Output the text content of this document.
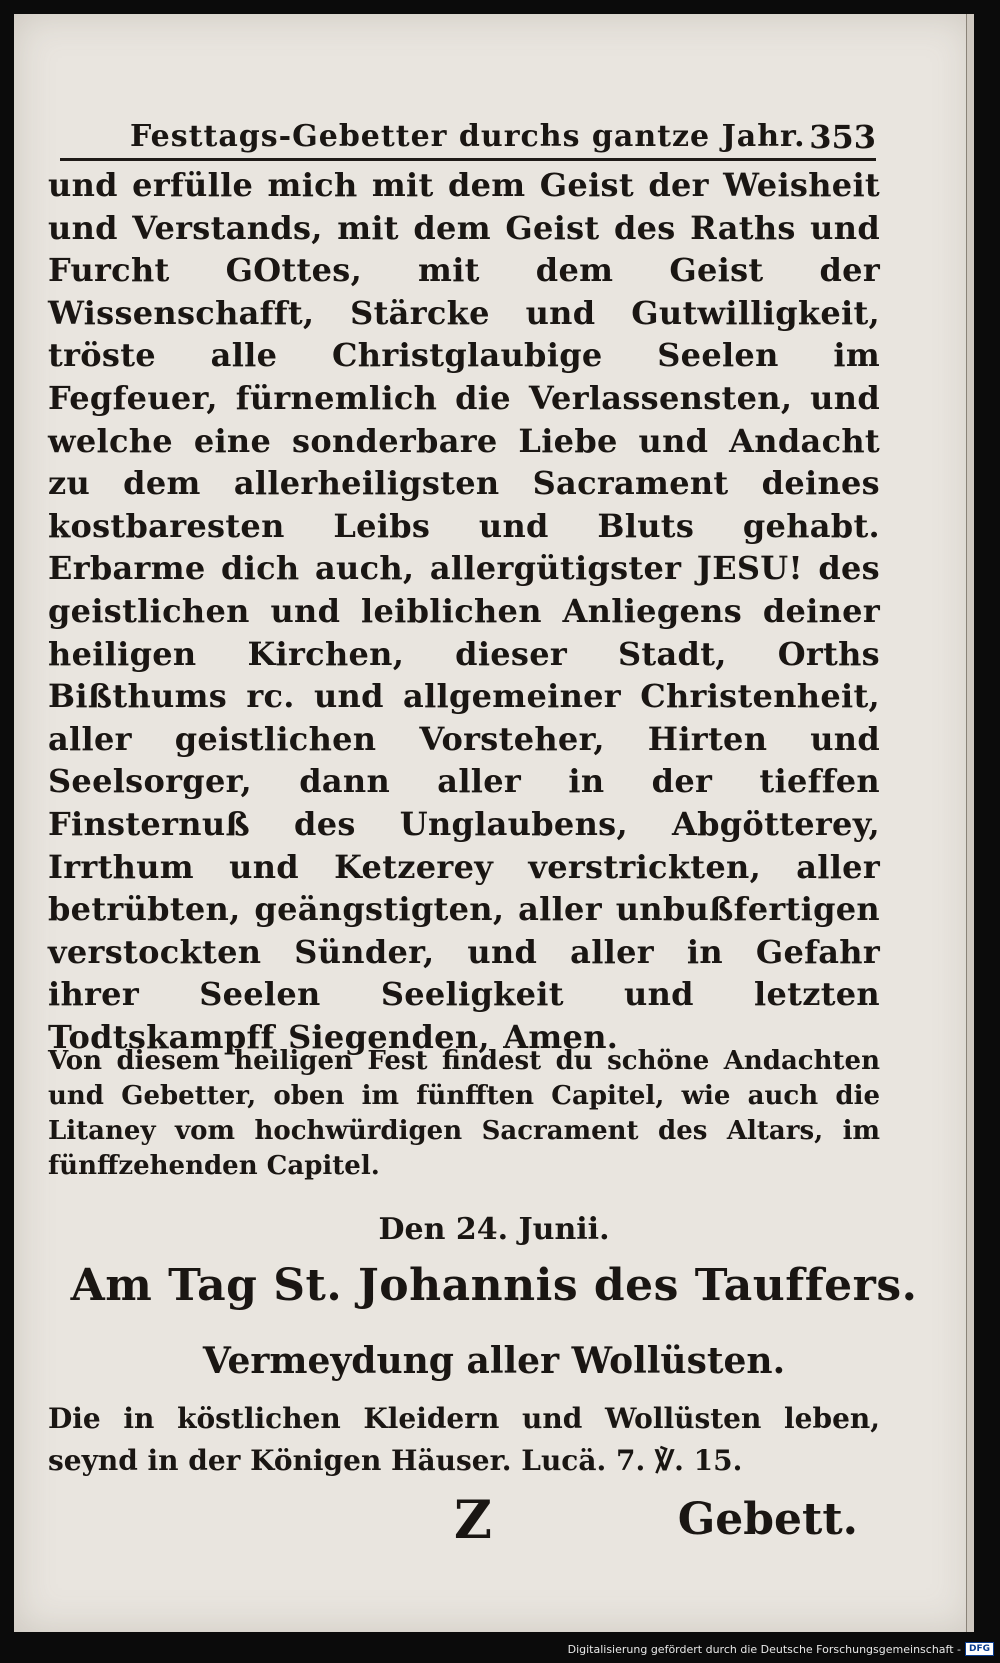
Festtags-Gebetter durchs gantze Jahr. 353
und erfülle mich mit dem Geist der Weisheit und Verstands, mit dem Geist des Raths und Furcht GOttes, mit dem Geist der Wissenschafft, Stärcke und Gutwilligkeit, tröste alle Christglaubige Seelen im Fegfeuer, fürnemlich die Verlassensten, und welche eine sonderbare Liebe und Andacht zu dem allerheiligsten Sacrament deines kostbaresten Leibs und Bluts gehabt. Erbarme dich auch, allergütigster JESU! des geistlichen und leiblichen Anliegens deiner heiligen Kirchen, dieser Stadt, Orths Bißthums rc. und allgemeiner Christenheit, aller geistlichen Vorsteher, Hirten und Seelsorger, dann aller in der tieffen Finsternuß des Unglaubens, Abgötterey, Irrthum und Ketzerey verstrickten, aller betrübten, geängstigten, aller unbußfertigen verstockten Sünder, und aller in Gefahr ihrer Seelen Seeligkeit und letzten Todtskampff Siegenden, Amen.
Von diesem heiligen Fest findest du schöne Andachten und Gebetter, oben im fünfften Capitel, wie auch die Litaney vom hochwürdigen Sacrament des Altars, im fünffzehenden Capitel.
Den 24. Junii.
Am Tag St. Johannis des Tauffers.
Vermeydung aller Wollüsten.
Die in köstlichen Kleidern und Wollüsten leben, seynd in der Königen Häuser. Lucä. 7. ℣. 15.
Z	Gebett.
Digitalisierung gefördert durch die Deutsche Forschungsgemeinschaft - DFG
